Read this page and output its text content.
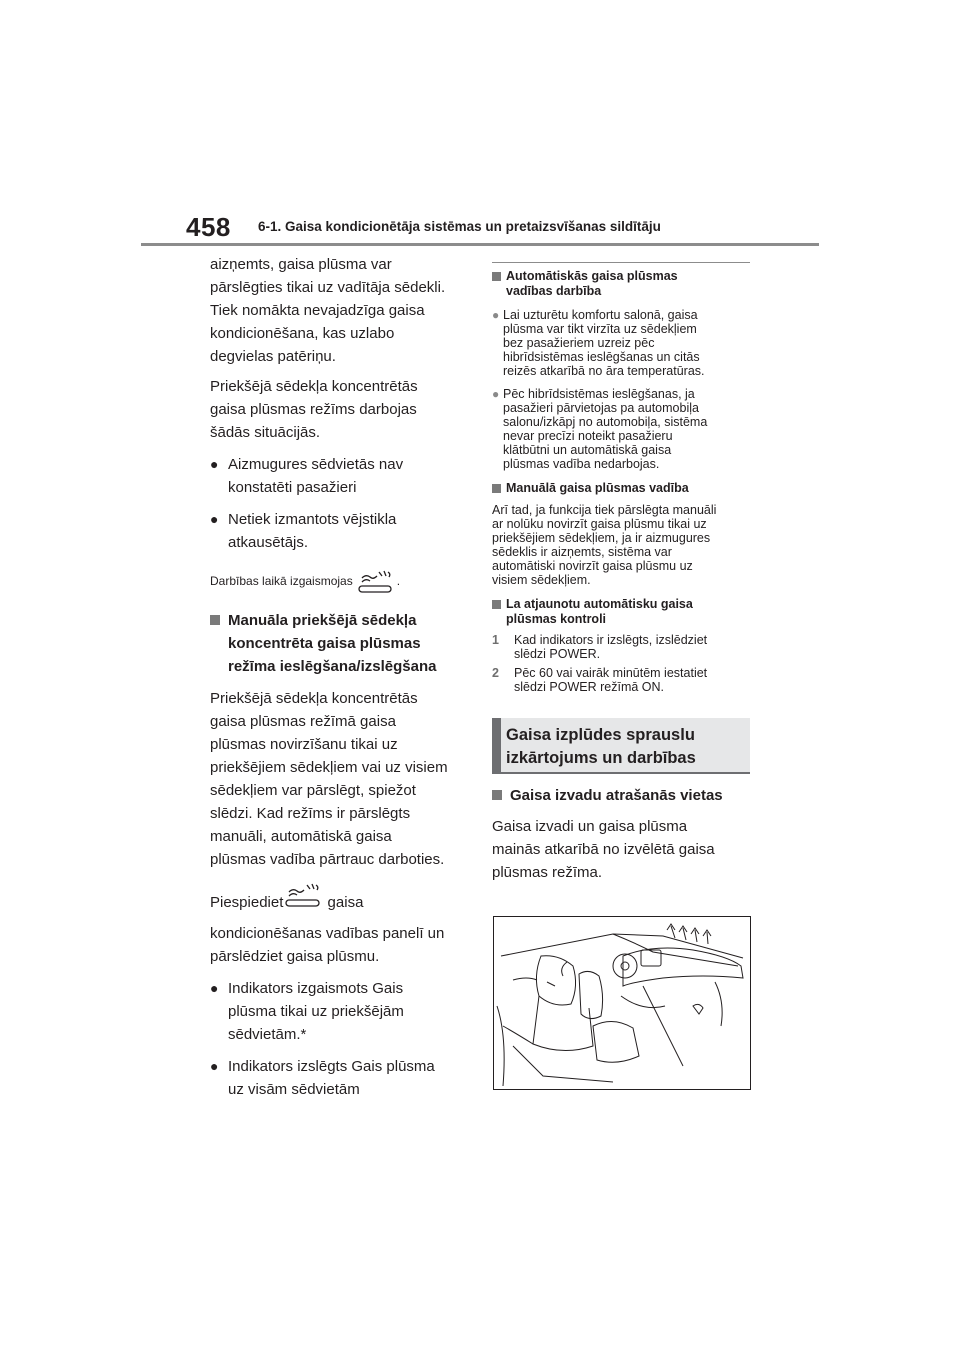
458 6-1. Gaisa kondicionētāja sistēmas un pretaizsvīšanas sildītāju

aizņemts, gaisa plūsma var
pārslēgties tikai uz vadītāja sēdekli.
Tiek nomākta nevajadzīga gaisa
kondicionēšana, kas uzlabo
degvielas patēriņu.

Priekšējā sēdekļa koncentrētās
gaisa plūsmas režīms darbojas
šādās situācijās.

● Aizmugures sēdvietās nav
konstatēti pasažieri
● Netiek izmantots vējstikla
atkausētājs.
Darbības laikā izgaismojas	.
Manuāla priekšējā sēdekļa
koncentrēta gaisa plūsmas
režīma ieslēgšana/izslēgšana

Priekšējā sēdekļa koncentrētās
gaisa plūsmas režīmā gaisa
plūsmas novirzīšanu tikai uz
priekšējiem sēdekļiem vai uz visiem
sēdekļiem var pārslēgt, spiežot
slēdzi. Kad režīms ir pārslēgts
manuāli, automātiskā gaisa
plūsmas vadība pārtrauc darboties.

Piespiediet	gaisa
kondicionēšanas vadības panelī un
pārslēdziet gaisa plūsmu.

● Indikators izgaismots Gais
plūsma tikai uz priekšējām
sēdvietām.*
● Indikators izslēgts Gais plūsma
uz visām sēdvietām
Automātiskās gaisa plūsmas
vadības darbība
● Lai uzturētu komfortu salonā, gaisa
plūsma var tikt virzīta uz sēdekļiem
bez pasažieriem uzreiz pēc
hibrīdsistēmas ieslēgšanas un citās
reizēs atkarībā no āra temperatūras.
● Pēc hibrīdsistēmas ieslēgšanas, ja
pasažieri pārvietojas pa automobiļa
salonu/izkāpj no automobiļa, sistēma
nevar precīzi noteikt pasažieru
klātbūtni un automātiskā gaisa
plūsmas vadība nedarbojas.
Manuālā gaisa plūsmas vadība
Arī tad, ja funkcija tiek pārslēgta manuāli
ar nolūku novirzīt gaisa plūsmu tikai uz
priekšējiem sēdekļiem, ja ir aizmugures
sēdeklis ir aizņemts, sistēma var
automātiski novirzīt gaisa plūsmu uz
visiem sēdekļiem.
La atjaunotu automātisku gaisa
plūsmas kontroli
1 Kad indikators ir izslēgts, izslēdziet
slēdzi POWER.
2 Pēc 60 vai vairāk minūtēm iestatiet
slēdzi POWER režīmā ON.
Gaisa izplūdes sprauslu
izkārtojums un darbības
Gaisa izvadu atrašanās vietas

Gaisa izvadi un gaisa plūsma
mainās atkarībā no izvēlētā gaisa
plūsmas režīma.
